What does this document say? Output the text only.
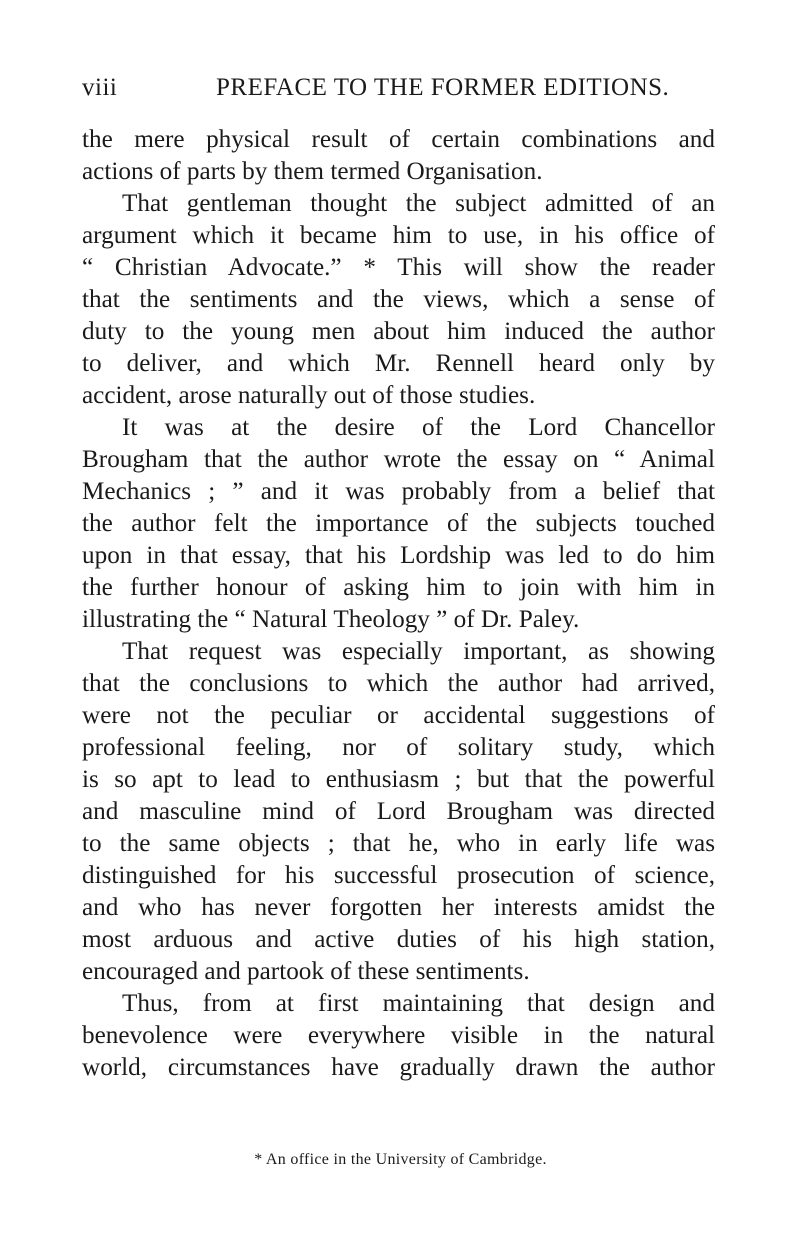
viii	PREFACE TO THE FORMER EDITIONS.
the mere physical result of certain combinations and
actions of parts by them termed Organisation.
That gentleman thought the subject admitted of an
argument which it became him to use, in his office of
“ Christian Advocate.” * This will show the reader
that the sentiments and the views, which a sense of
duty to the young men about him induced the author
to deliver, and which Mr. Rennell heard only by
accident, arose naturally out of those studies.
It was at the desire of the Lord Chancellor
Brougham that the author wrote the essay on “ Animal
Mechanics ; ” and it was probably from a belief that
the author felt the importance of the subjects touched
upon in that essay, that his Lordship was led to do him
the further honour of asking him to join with him in
illustrating the “ Natural Theology ” of Dr. Paley.
That request was especially important, as showing
that the conclusions to which the author had arrived,
were not the peculiar or accidental suggestions of
professional feeling, nor of solitary study, which
is so apt to lead to enthusiasm ; but that the powerful
and masculine mind of Lord Brougham was directed
to the same objects ; that he, who in early life was
distinguished for his successful prosecution of science,
and who has never forgotten her interests amidst the
most arduous and active duties of his high station,
encouraged and partook of these sentiments.
Thus, from at first maintaining that design and
benevolence were everywhere visible in the natural
world, circumstances have gradually drawn the author
* An office in the University of Cambridge.
